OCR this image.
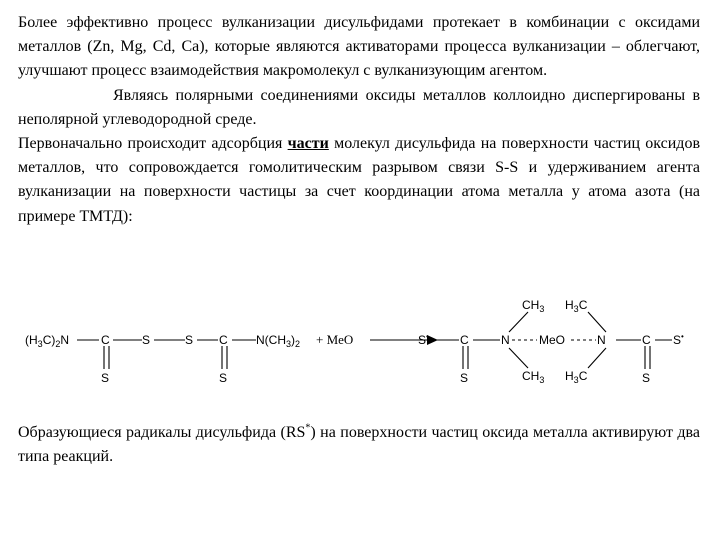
Более эффективно процесс вулканизации дисульфидами протекает в комбинации с оксидами металлов (Zn, Mg, Cd, Ca), которые являются активаторами процесса вулканизации – облегчают, улучшают процесс взаимодействия макромолекул с вулканизующим агентом.

Являясь полярными соединениями оксиды металлов коллоидно диспергированы в неполярной углеводородной среде.

Первоначально происходит адсорбция части молекул дисульфида на поверхности частиц оксидов металлов, что сопровождается гомолитическим разрывом связи S-S и удерживанием агента вулканизации на поверхности частицы за счет координации атома металла у атома азота (на примере ТМТД):

$(H_3C)_2N$	C	S	S C $N(CH_3)_2$
S	S
+ MeO	S•	C
S
N MeO	N	C
S
S•
$CH_3$ $H_3C$
$CH_3$ $H_3C$

Образующиеся радикалы дисульфида (RS*) на поверхности частиц оксида металла активируют два типа реакций.
